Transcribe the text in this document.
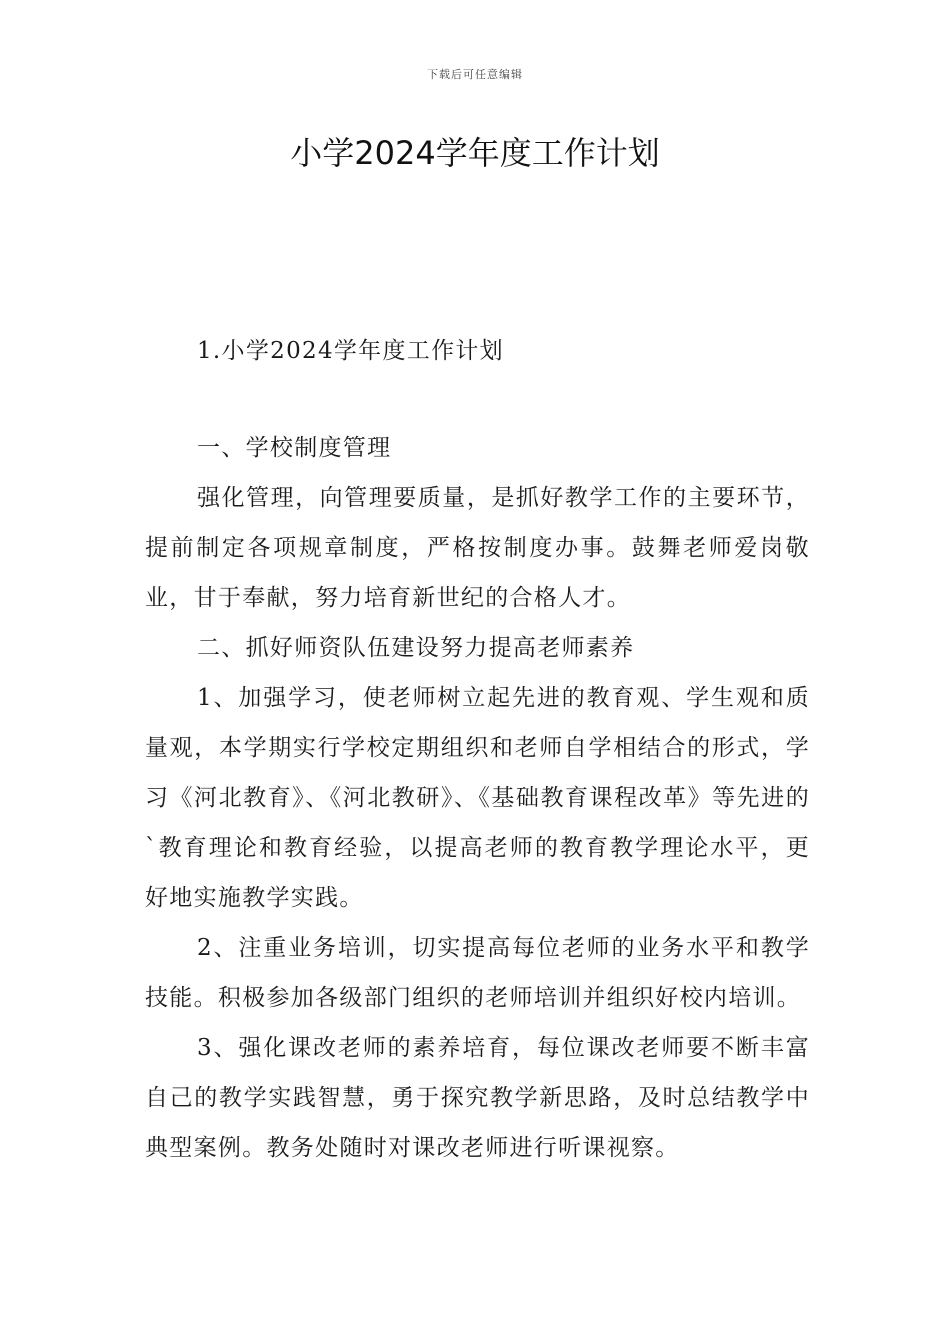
下载后可任意编辑
小学2024学年度工作计划

1.小学2024学年度工作计划

一、学校制度管理

强化管理，向管理要质量，是抓好教学工作的主要环节，提前制定各项规章制度，严格按制度办事。鼓舞老师爱岗敬业，甘于奉献，努力培育新世纪的合格人才。

二、抓好师资队伍建设努力提高老师素养

1、加强学习，使老师树立起先进的教育观、学生观和质量观，本学期实行学校定期组织和老师自学相结合的形式，学习《河北教育》、《河北教研》、《基础教育课程改革》等先进的`教育理论和教育经验，以提高老师的教育教学理论水平，更好地实施教学实践。

2、注重业务培训，切实提高每位老师的业务水平和教学技能。积极参加各级部门组织的老师培训并组织好校内培训。

3、强化课改老师的素养培育，每位课改老师要不断丰富自己的教学实践智慧，勇于探究教学新思路，及时总结教学中典型案例。教务处随时对课改老师进行听课视察。
